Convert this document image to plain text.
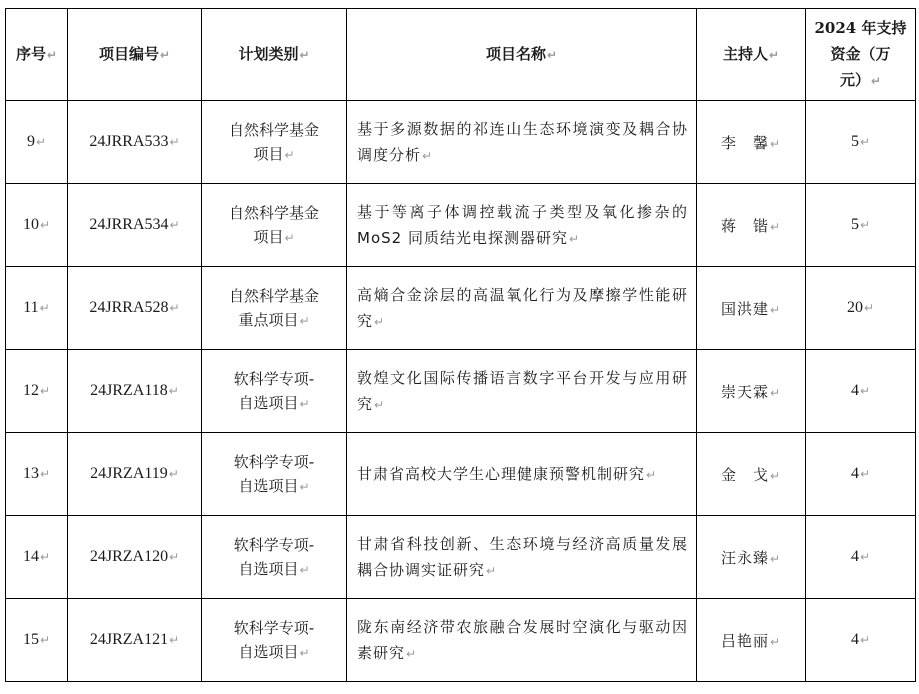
序号↵	项目编号↵	计划类别↵	项目名称↵	主持人↵	2024 年支持
资金（万
元）↵

9↵	24JRRA533↵	自然科学基金
项目↵	基于多源数据的祁连山生态环境演变及耦合协调度分析↵	李　馨↵	5↵
10↵	24JRRA534↵	自然科学基金
项目↵	基于等离子体调控载流子类型及氧化掺杂的 MoS2 同质结光电探测器研究↵	蒋　锴↵	5↵
11↵	24JRRA528↵	自然科学基金
重点项目↵	高熵合金涂层的高温氧化行为及摩擦学性能研究↵	国洪建↵	20↵
12↵	24JRZA118↵	软科学专项-
自选项目↵	敦煌文化国际传播语言数字平台开发与应用研究↵	崇天霖↵	4↵
13↵	24JRZA119↵	软科学专项-
自选项目↵	甘肃省高校大学生心理健康预警机制研究↵	金　戈↵	4↵
14↵	24JRZA120↵	软科学专项-
自选项目↵	甘肃省科技创新、生态环境与经济高质量发展耦合协调实证研究↵	汪永臻↵	4↵
15↵	24JRZA121↵	软科学专项-
自选项目↵	陇东南经济带农旅融合发展时空演化与驱动因素研究↵	吕艳丽↵	4↵
